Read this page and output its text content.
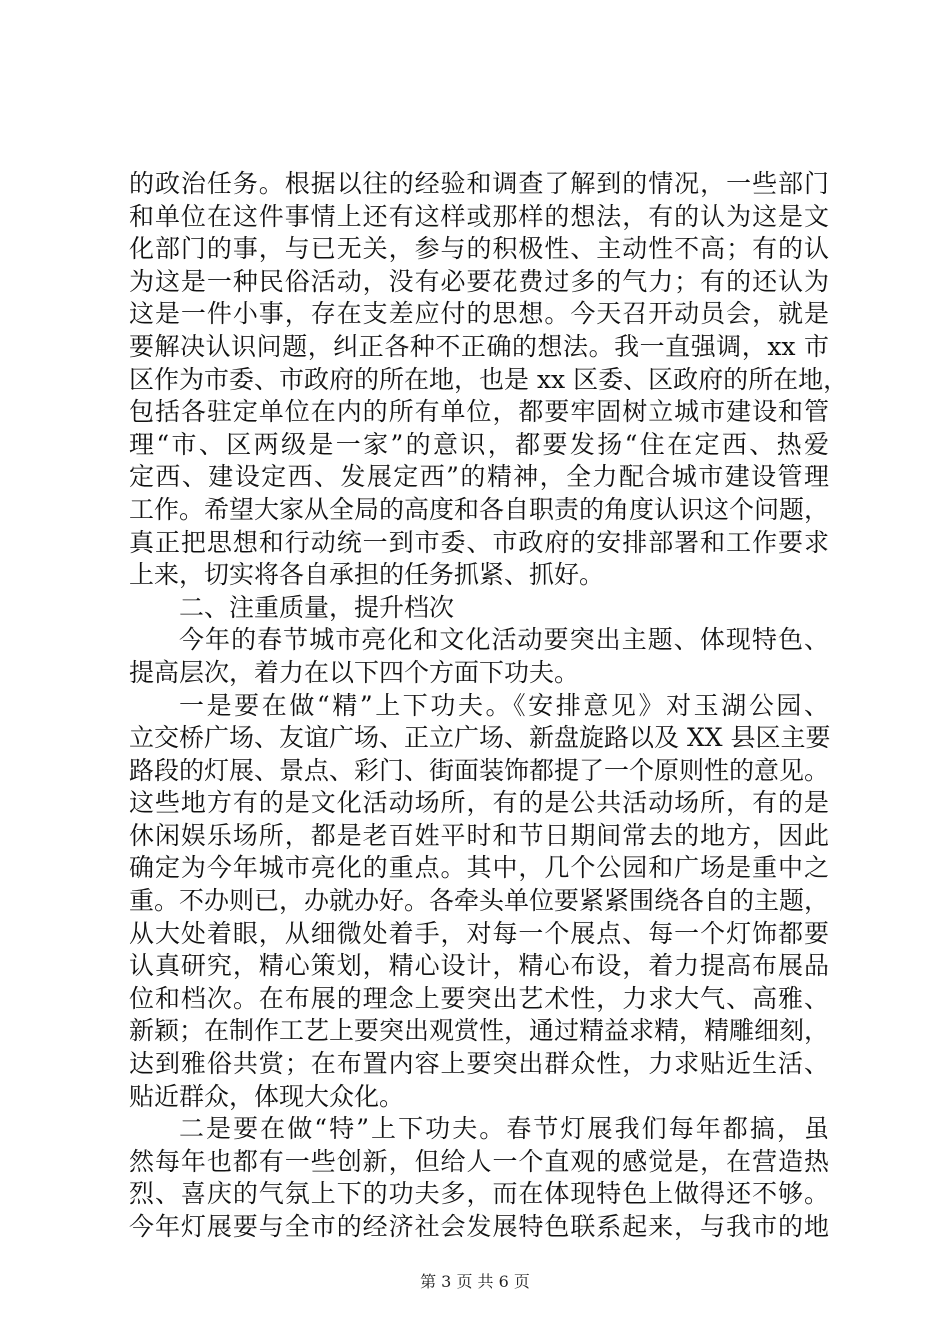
的政治任务。根据以往的经验和调查了解到的情况，一些部门
和单位在这件事情上还有这样或那样的想法，有的认为这是文
化部门的事，与已无关，参与的积极性、主动性不高；有的认
为这是一种民俗活动，没有必要花费过多的气力；有的还认为
这是一件小事，存在支差应付的思想。今天召开动员会，就是
要解决认识问题，纠正各种不正确的想法。我一直强调，xx 市
区作为市委、市政府的所在地，也是 xx 区委、区政府的所在地，
包括各驻定单位在内的所有单位，都要牢固树立城市建设和管
理“市、区两级是一家”的意识，都要发扬“住在定西、热爱
定西、建设定西、发展定西”的精神，全力配合城市建设管理
工作。希望大家从全局的高度和各自职责的角度认识这个问题，
真正把思想和行动统一到市委、市政府的安排部署和工作要求
上来，切实将各自承担的任务抓紧、抓好。
二、注重质量，提升档次
今年的春节城市亮化和文化活动要突出主题、体现特色、
提高层次，着力在以下四个方面下功夫。
一是要在做“精”上下功夫。《安排意见》对玉湖公园、
立交桥广场、友谊广场、正立广场、新盘旋路以及 XX 县区主要
路段的灯展、景点、彩门、街面装饰都提了一个原则性的意见。
这些地方有的是文化活动场所，有的是公共活动场所，有的是
休闲娱乐场所，都是老百姓平时和节日期间常去的地方，因此
确定为今年城市亮化的重点。其中，几个公园和广场是重中之
重。不办则已，办就办好。各牵头单位要紧紧围绕各自的主题，
从大处着眼，从细微处着手，对每一个展点、每一个灯饰都要
认真研究，精心策划，精心设计，精心布设，着力提高布展品
位和档次。在布展的理念上要突出艺术性，力求大气、高雅、
新颖；在制作工艺上要突出观赏性，通过精益求精，精雕细刻，
达到雅俗共赏；在布置内容上要突出群众性，力求贴近生活、
贴近群众，体现大众化。
二是要在做“特”上下功夫。春节灯展我们每年都搞，虽
然每年也都有一些创新，但给人一个直观的感觉是，在营造热
烈、喜庆的气氛上下的功夫多，而在体现特色上做得还不够。
今年灯展要与全市的经济社会发展特色联系起来，与我市的地
第 3 页 共 6 页
